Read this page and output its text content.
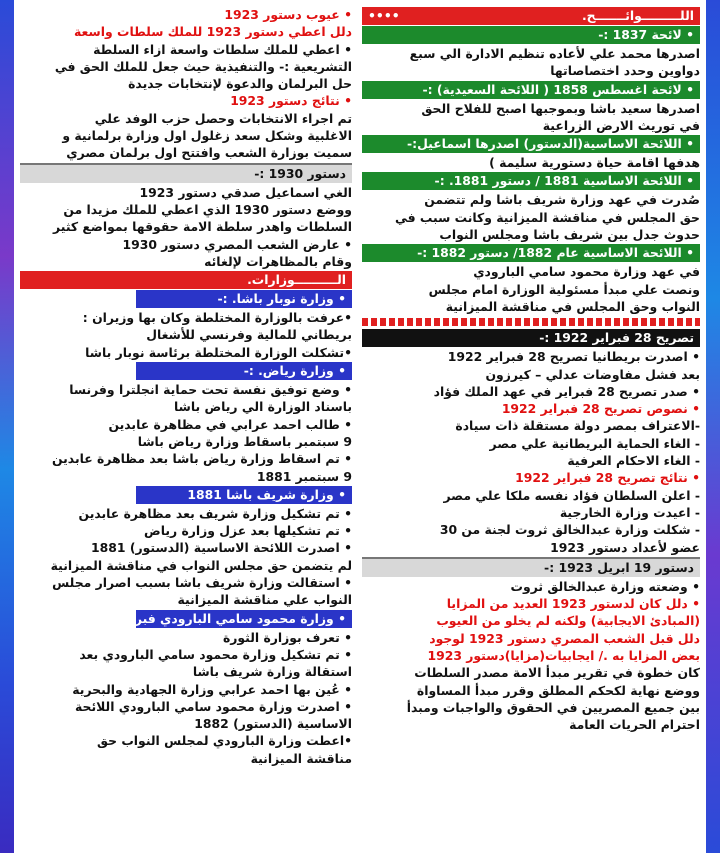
اللـــــــــوائـــــــح.
••••
• لائحة 1837 :-
اصدرها محمد علي لأعاده تنظيم الادارة الي سبع
دواوين وحدد اختصاصاتها
• لائحة اغسطس 1858 ( اللائحة السعيدية) :-
اصدرها سعيد باشا وبموجبها اصبح للفلاح الحق
في توريث الارض الزراعية
• اللائحة الاساسية(الدستور) اصدرها اسماعيل:-
هدفها اقامة حياة دستورية سليمة )
• اللائحة الاساسية 1881 / دستور 1881. :-
صُدرت في عهد وزارة شريف باشا ولم تتضمن
حق المجلس في مناقشة الميزانية وكانت سبب في
حدوث جدل بين شريف باشا ومجلس النواب
• اللائحة الاساسية عام 1882/ دستور 1882 :-
في عهد وزارة محمود سامي البارودي
ونصت علي مبدأ مسئولية الوزارة امام مجلس
النواب وحق المجلس في مناقشة الميزانية
تصريح 28 فبراير 1922 :-
• اصدرت بريطانيا تصريح 28 فبراير 1922
بعد فشل مفاوضات عدلي – كيرزون
• صدر تصريح 28 فبراير في عهد الملك فؤاد
• نصوص تصريح 28 فبراير 1922
-الاعتراف بمصر دولة مستقلة ذات سيادة
- الغاء الحماية البريطانية علي مصر
- الغاء الاحكام العرفية
• نتائج تصريح 28 فبراير 1922
- اعلن السلطان فؤاد نفسه ملكا علي مصر
- اعيدت وزارة الخارجية
- شكلت وزارة عبدالخالق ثروت لجنة من 30
عضو لأعداد دستور 1923
دستور 19 ابريل 1923 :-
• وضعته وزارة عبدالخالق ثروت
• دلل كان لدستور 1923 العديد من المزايا
(المبادئ الايجابية) ولكنه لم يخلو من العيوب
دلل قبل الشعب المصري دستور 1923 لوجود
بعض المزايا به ./ ايجابيات(مزايا)دستور 1923
كان خطوة في تقرير مبدأ الامة مصدر السلطات
ووضع نهاية لكحكم المطلق وقرر مبدأ المساواة
بين جميع المصريين في الحقوق والواجبات ومبدأ
احترام الحريات العامة
• عيوب دستور 1923
دلل اعطي دستور 1923 للملك سلطات واسعة
• اعطي للملك سلطات واسعة ازاء السلطة
التشريعية :- والتنفيذية حيث جعل للملك الحق في
حل البرلمان والدعوة لإنتخابات جديدة
• نتائج دستور 1923
تم اجراء الانتخابات وحصل حزب الوفد علي
الاغلبية وشكل سعد زغلول اول وزارة برلمانية و
سميت بوزارة الشعب وافتتح اول برلمان مصري
دستور 1930 :-
الغي اسماعيل صدقي دستور 1923
ووضع دستور 1930 الذي اعطي للملك مزيدا من
السلطات واهدر سلطة الامة حقوقها بمواضع كثير
• عارض الشعب المصري دستور 1930
وقام بالمظاهرات لإلغائه
الــــــــــوزارات.
• وزارة نوبار باشا. :-
•عرفت بالوزارة المختلطة وكان بها وزيران :
بريطاني للمالية وفرنسي للأشغال
•تشكلت الوزارة المختلطة برئاسة نوبار باشا
• وزارة رياض. :-
• وضع توفيق نفسة تحت حماية انجلترا وفرنسا
باسناد الوزارة الي رياض باشا
• طالب احمد عرابي في مظاهرة عابدين
9 سبتمبر باسقاط وزارة رياض باشا
• تم اسقاط وزارة رياض باشا بعد مظاهرة عابدين
9 سبتمبر 1881
• وزارة شريف باشا 1881
• تم تشكيل وزارة شريف بعد مظاهرة عابدين
• تم تشكيلها بعد عزل وزارة رياض
• اصدرت اللائحة الاساسية (الدستور) 1881
لم يتضمن حق مجلس النواب في مناقشة الميزانية
• استقالت وزارة شريف باشا بسبب اصرار مجلس
النواب علي مناقشة الميزانية
• وزارة محمود سامي البارودي فبراير 1882:-
• تعرف بوزارة الثورة
• تم تشكيل وزارة محمود سامي البارودي بعد
استقالة وزارة شريف باشا
• عُين بها احمد عرابي وزارة الجهادية والبحرية
• اصدرت وزارة محمود سامي البارودي اللائحة
الاساسية (الدستور) 1882
•اعطت وزارة البارودي لمجلس النواب حق
مناقشة الميزانية
